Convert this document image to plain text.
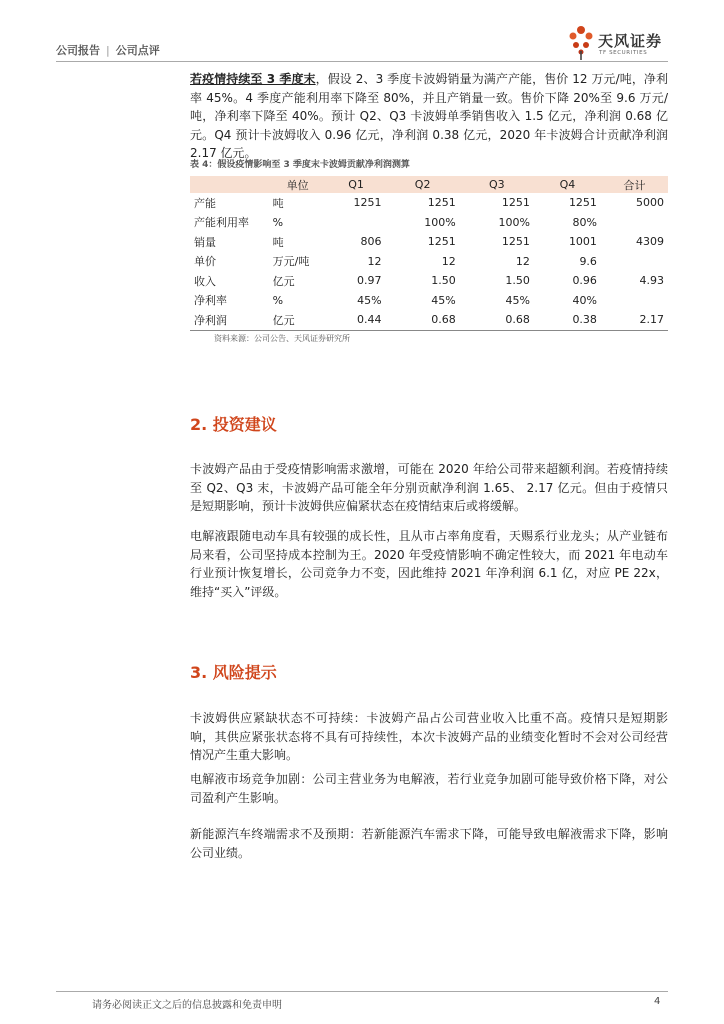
公司报告 | 公司点评
天风证券
TF SECURITIES

若疫情持续至 3 季度末，假设 2、3 季度卡波姆销量为满产产能，售价 12 万元/吨，净利率 45%。4 季度产能利用率下降至 80%，并且产销量一致。售价下降 20%至 9.6 万元/吨，净利率下降至 40%。预计 Q2、Q3 卡波姆单季销售收入 1.5 亿元，净利润 0.68 亿元。Q4 预计卡波姆收入 0.96 亿元，净利润 0.38 亿元，2020 年卡波姆合计贡献净利润 2.17 亿元。

表 4：假设疫情影响至 3 季度末卡波姆贡献净利润测算
	单位	Q1	Q2	Q3	Q4	合计
产能	吨	1251	1251	1251	1251	5000
产能利用率	%		100%	100%	80%	
销量	吨	806	1251	1251	1001	4309
单价	万元/吨	12	12	12	9.6	
收入	亿元	0.97	1.50	1.50	0.96	4.93
净利率	%	45%	45%	45%	40%	
净利润	亿元	0.44	0.68	0.68	0.38	2.17
资料来源：公司公告、天风证券研究所
2. 投资建议

卡波姆产品由于受疫情影响需求激增，可能在 2020 年给公司带来超额利润。若疫情持续至 Q2、Q3 末，卡波姆产品可能全年分别贡献净利润 1.65、 2.17 亿元。但由于疫情只是短期影响，预计卡波姆供应偏紧状态在疫情结束后或将缓解。

电解液跟随电动车具有较强的成长性，且从市占率角度看，天赐系行业龙头；从产业链布局来看，公司坚持成本控制为王。2020 年受疫情影响不确定性较大，而 2021 年电动车行业预计恢复增长，公司竞争力不变，因此维持 2021 年净利润 6.1 亿，对应 PE 22x，维持“买入”评级。

3. 风险提示

卡波姆供应紧缺状态不可持续：卡波姆产品占公司营业收入比重不高。疫情只是短期影响，其供应紧张状态将不具有可持续性，本次卡波姆产品的业绩变化暂时不会对公司经营情况产生重大影响。

电解液市场竞争加剧：公司主营业务为电解液，若行业竞争加剧可能导致价格下降，对公司盈利产生影响。

新能源汽车终端需求不及预期：若新能源汽车需求下降，可能导致电解液需求下降，影响公司业绩。

请务必阅读正文之后的信息披露和免责申明	4
